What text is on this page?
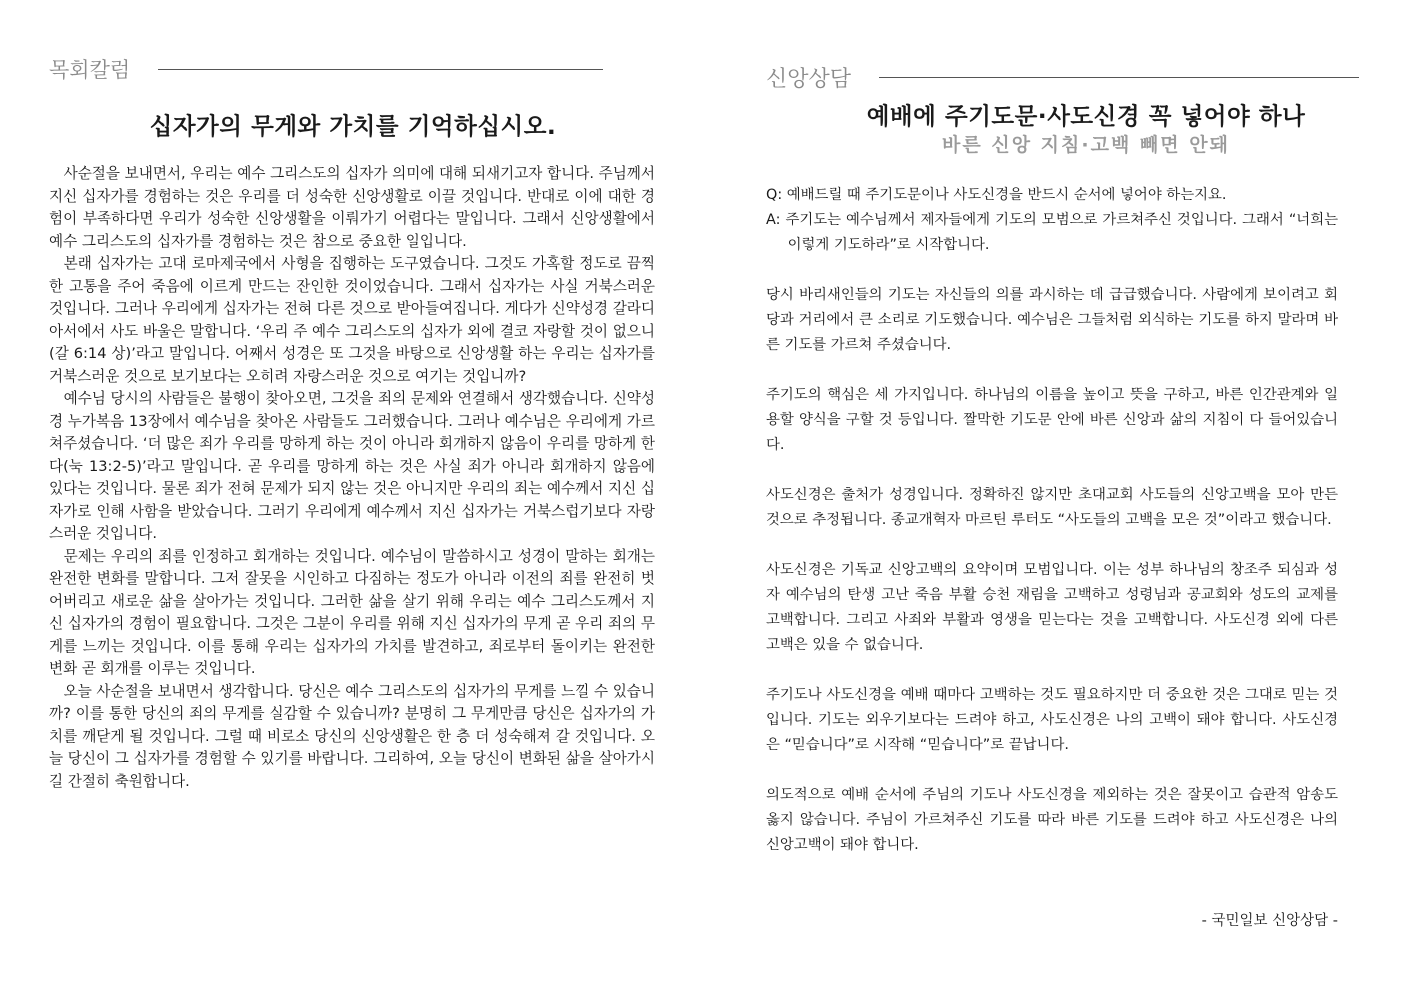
목회칼럼
십자가의 무게와 가치를 기억하십시오.

사순절을 보내면서, 우리는 예수 그리스도의 십자가 의미에 대해 되새기고자 합니다. 주님께서 지신 십자가를 경험하는 것은 우리를 더 성숙한 신앙생활로 이끌 것입니다. 반대로 이에 대한 경험이 부족하다면 우리가 성숙한 신앙생활을 이뤄가기 어렵다는 말입니다. 그래서 신앙생활에서 예수 그리스도의 십자가를 경험하는 것은 참으로 중요한 일입니다.

본래 십자가는 고대 로마제국에서 사형을 집행하는 도구였습니다. 그것도 가혹할 정도로 끔찍한 고통을 주어 죽음에 이르게 만드는 잔인한 것이었습니다. 그래서 십자가는 사실 거북스러운 것입니다. 그러나 우리에게 십자가는 전혀 다른 것으로 받아들여집니다. 게다가 신약성경 갈라디아서에서 사도 바울은 말합니다. ‘우리 주 예수 그리스도의 십자가 외에 결코 자랑할 것이 없으니(갈 6:14 상)’라고 말입니다. 어째서 성경은 또 그것을 바탕으로 신앙생활 하는 우리는 십자가를 거북스러운 것으로 보기보다는 오히려 자랑스러운 것으로 여기는 것입니까?

예수님 당시의 사람들은 불행이 찾아오면, 그것을 죄의 문제와 연결해서 생각했습니다. 신약성경 누가복음 13장에서 예수님을 찾아온 사람들도 그러했습니다. 그러나 예수님은 우리에게 가르쳐주셨습니다. ‘더 많은 죄가 우리를 망하게 하는 것이 아니라 회개하지 않음이 우리를 망하게 한다(눅 13:2-5)’라고 말입니다. 곧 우리를 망하게 하는 것은 사실 죄가 아니라 회개하지 않음에 있다는 것입니다. 물론 죄가 전혀 문제가 되지 않는 것은 아니지만 우리의 죄는 예수께서 지신 십자가로 인해 사함을 받았습니다. 그러기 우리에게 예수께서 지신 십자가는 거북스럽기보다 자랑스러운 것입니다.

문제는 우리의 죄를 인정하고 회개하는 것입니다. 예수님이 말씀하시고 성경이 말하는 회개는 완전한 변화를 말합니다. 그저 잘못을 시인하고 다짐하는 정도가 아니라 이전의 죄를 완전히 벗어버리고 새로운 삶을 살아가는 것입니다. 그러한 삶을 살기 위해 우리는 예수 그리스도께서 지신 십자가의 경험이 필요합니다. 그것은 그분이 우리를 위해 지신 십자가의 무게 곧 우리 죄의 무게를 느끼는 것입니다. 이를 통해 우리는 십자가의 가치를 발견하고, 죄로부터 돌이키는 완전한 변화 곧 회개를 이루는 것입니다.

오늘 사순절을 보내면서 생각합니다. 당신은 예수 그리스도의 십자가의 무게를 느낄 수 있습니까? 이를 통한 당신의 죄의 무게를 실감할 수 있습니까? 분명히 그 무게만큼 당신은 십자가의 가치를 깨닫게 될 것입니다. 그럴 때 비로소 당신의 신앙생활은 한 층 더 성숙해져 갈 것입니다. 오늘 당신이 그 십자가를 경험할 수 있기를 바랍니다. 그리하여, 오늘 당신이 변화된 삶을 살아가시길 간절히 축원합니다.

신앙상담
예배에 주기도문·사도신경 꼭 넣어야 하나
바른 신앙 지침·고백 빼면 안돼

Q: 예배드릴 때 주기도문이나 사도신경을 반드시 순서에 넣어야 하는지요.

A: 주기도는 예수님께서 제자들에게 기도의 모범으로 가르쳐주신 것입니다. 그래서 “너희는 이렇게 기도하라”로 시작합니다.

당시 바리새인들의 기도는 자신들의 의를 과시하는 데 급급했습니다. 사람에게 보이려고 회당과 거리에서 큰 소리로 기도했습니다. 예수님은 그들처럼 외식하는 기도를 하지 말라며 바른 기도를 가르쳐 주셨습니다.

주기도의 핵심은 세 가지입니다. 하나님의 이름을 높이고 뜻을 구하고, 바른 인간관계와 일용할 양식을 구할 것 등입니다. 짤막한 기도문 안에 바른 신앙과 삶의 지침이 다 들어있습니다.

사도신경은 출처가 성경입니다. 정확하진 않지만 초대교회 사도들의 신앙고백을 모아 만든 것으로 추정됩니다. 종교개혁자 마르틴 루터도 “사도들의 고백을 모은 것”이라고 했습니다.

사도신경은 기독교 신앙고백의 요약이며 모범입니다. 이는 성부 하나님의 창조주 되심과 성자 예수님의 탄생 고난 죽음 부활 승천 재림을 고백하고 성령님과 공교회와 성도의 교제를 고백합니다. 그리고 사죄와 부활과 영생을 믿는다는 것을 고백합니다. 사도신경 외에 다른 고백은 있을 수 없습니다.

주기도나 사도신경을 예배 때마다 고백하는 것도 필요하지만 더 중요한 것은 그대로 믿는 것입니다. 기도는 외우기보다는 드려야 하고, 사도신경은 나의 고백이 돼야 합니다. 사도신경은 “믿습니다”로 시작해 “믿습니다”로 끝납니다.

의도적으로 예배 순서에 주님의 기도나 사도신경을 제외하는 것은 잘못이고 습관적 암송도 옳지 않습니다. 주님이 가르쳐주신 기도를 따라 바른 기도를 드려야 하고 사도신경은 나의 신앙고백이 돼야 합니다.

- 국민일보 신앙상담 -
